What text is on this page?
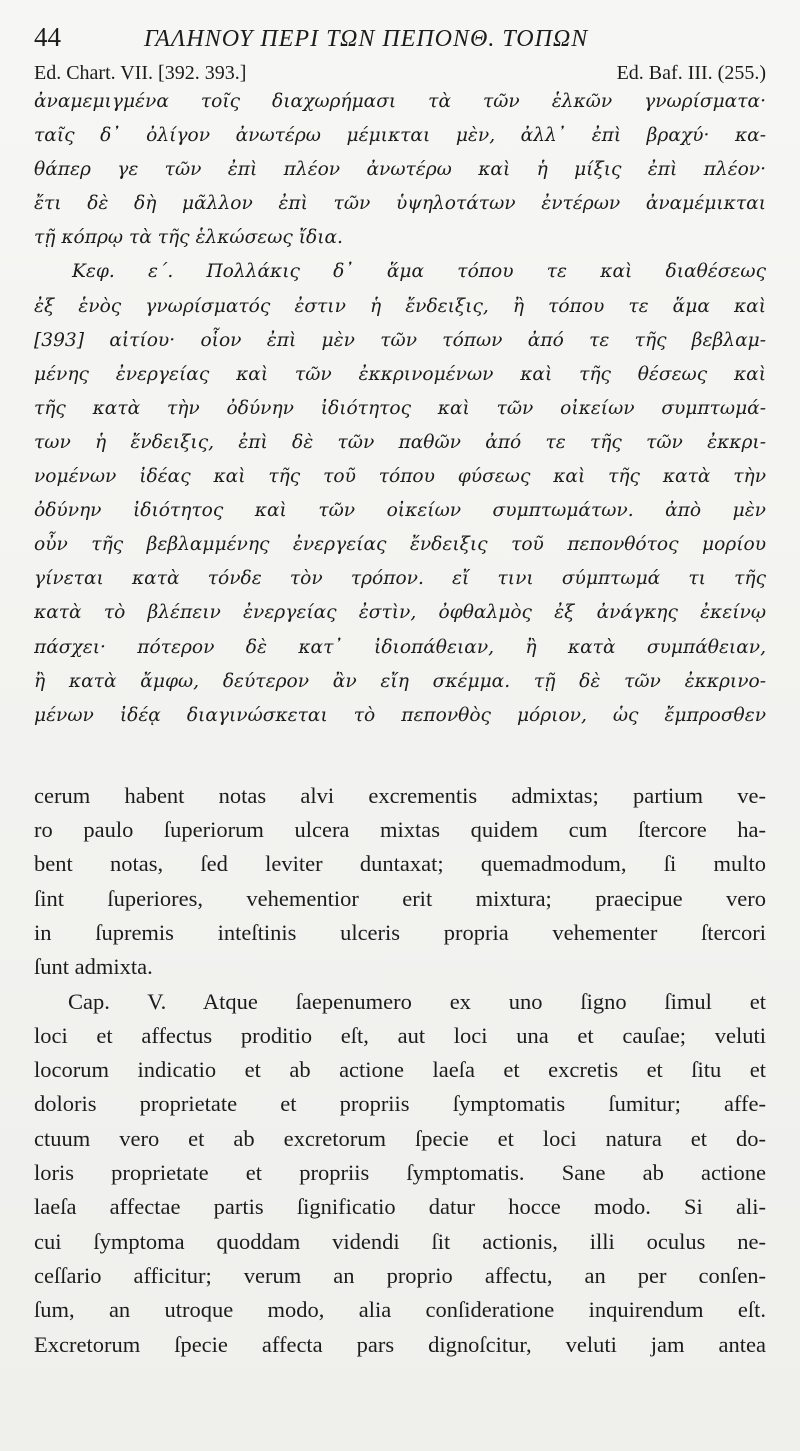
44	ΓΑΛΗΝΟΥ ΠΕΡΙ ΤΩΝ ΠΕΠΟΝΘ. ΤΟΠΩΝ
Ed. Chart. VII. [392. 393.]	Ed. Baf. III. (255.)
ἀναμεμιγμένα τοῖς διαχωρήμασι τὰ τῶν ἑλκῶν γνωρίσματα·
ταῖς δ᾽ ὀλίγον ἀνωτέρω μέμικται μὲν, ἀλλ᾽ ἐπὶ βραχύ· κα-
θάπερ γε τῶν ἐπὶ πλέον ἀνωτέρω καὶ ἡ μίξις ἐπὶ πλέον·
ἔτι δὲ δὴ μᾶλλον ἐπὶ τῶν ὑψηλοτάτων ἐντέρων ἀναμέμικται
τῇ κόπρῳ τὰ τῆς ἑλκώσεως ἴδια.
Κεφ. ε΄. Πολλάκις δ᾽ ἅμα τόπου τε καὶ διαθέσεως
ἐξ ἑνὸς γνωρίσματός ἐστιν ἡ ἔνδειξις, ἢ τόπου τε ἅμα καὶ
[393] αἰτίου· οἷον ἐπὶ μὲν τῶν τόπων ἀπό τε τῆς βεβλαμ-
μένης ἐνεργείας καὶ τῶν ἐκκρινομένων καὶ τῆς θέσεως καὶ
τῆς κατὰ τὴν ὀδύνην ἰδιότητος καὶ τῶν οἰκείων συμπτωμά-
των ἡ ἔνδειξις, ἐπὶ δὲ τῶν παθῶν ἀπό τε τῆς τῶν ἐκκρι-
νομένων ἰδέας καὶ τῆς τοῦ τόπου φύσεως καὶ τῆς κατὰ τὴν
ὀδύνην ἰδιότητος καὶ τῶν οἰκείων συμπτωμάτων. ἀπὸ μὲν
οὖν τῆς βεβλαμμένης ἐνεργείας ἔνδειξις τοῦ πεπονθότος μορίου
γίνεται κατὰ τόνδε τὸν τρόπον. εἴ τινι σύμπτωμά τι τῆς
κατὰ τὸ βλέπειν ἐνεργείας ἐστὶν, ὀφθαλμὸς ἐξ ἀνάγκης ἐκείνῳ
πάσχει· πότερον δὲ κατ᾽ ἰδιοπάθειαν, ἢ κατὰ συμπάθειαν,
ἢ κατὰ ἄμφω, δεύτερον ἂν εἴη σκέμμα. τῇ δὲ τῶν ἐκκρινο-
μένων ἰδέᾳ διαγινώσκεται τὸ πεπονθὸς μόριον, ὡς ἔμπροσθεν
cerum habent notas alvi excrementis admixtas; partium ve-
ro paulo ſuperiorum ulcera mixtas quidem cum ſtercore ha-
bent notas, ſed leviter duntaxat; quemadmodum, ſi multo
ſint ſuperiores, vehementior erit mixtura; praecipue vero
in ſupremis inteſtinis ulceris propria vehementer ſtercori
ſunt admixta.
Cap. V. Atque ſaepenumero ex uno ſigno ſimul et
loci et affectus proditio eſt, aut loci una et cauſae; veluti
locorum indicatio et ab actione laeſa et excretis et ſitu et
doloris proprietate et propriis ſymptomatis ſumitur; affe-
ctuum vero et ab excretorum ſpecie et loci natura et do-
loris proprietate et propriis ſymptomatis. Sane ab actione
laeſa affectae partis ſignificatio datur hocce modo. Si ali-
cui ſymptoma quoddam videndi ſit actionis, illi oculus ne-
ceſſario afficitur; verum an proprio affectu, an per conſen-
ſum, an utroque modo, alia conſideratione inquirendum eſt.
Excretorum ſpecie affecta pars dignoſcitur, veluti jam antea
